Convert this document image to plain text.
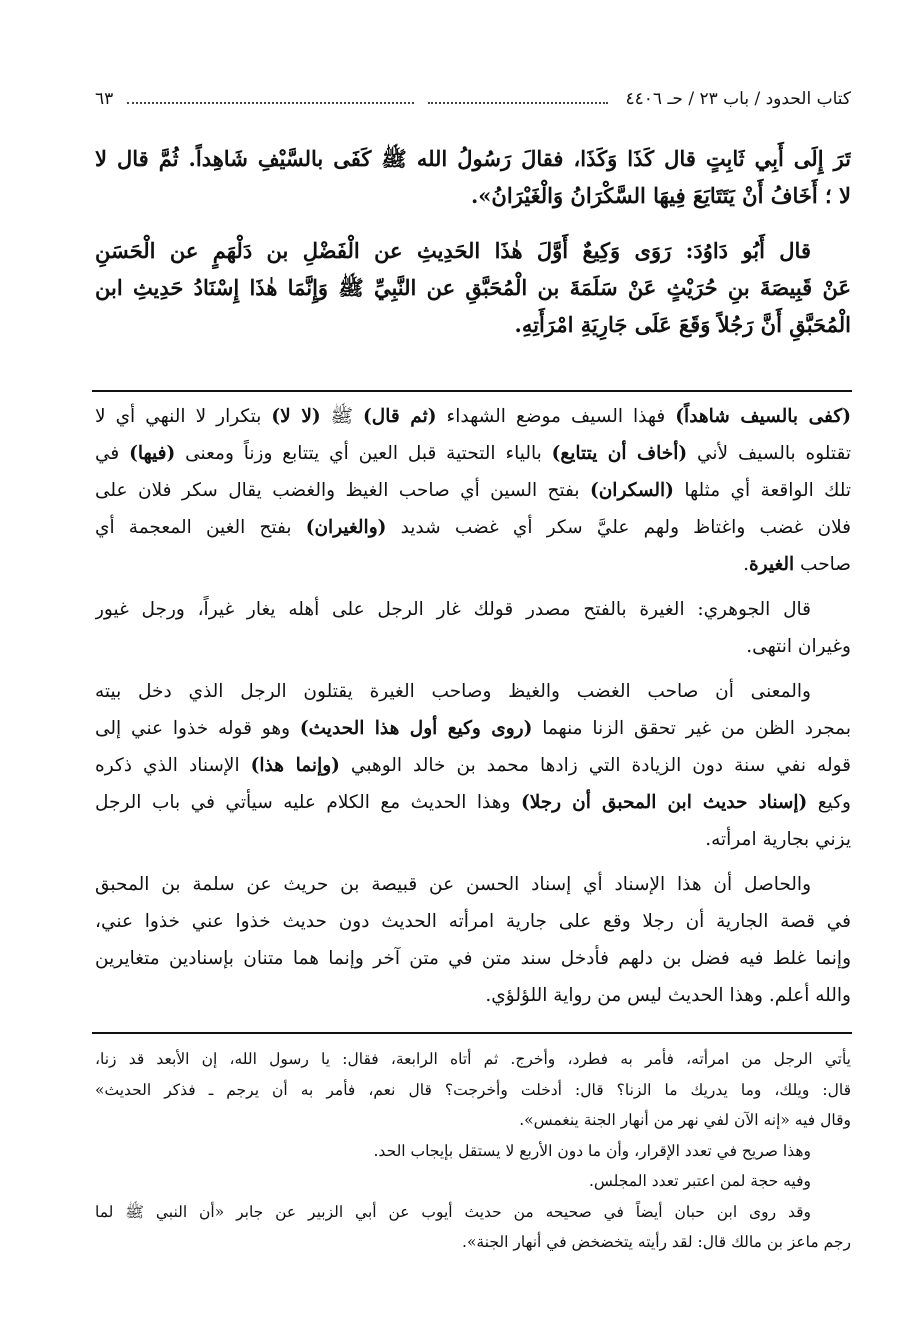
كتاب الحدود / باب ٢٣ / حـ ٤٤٠٦
٦٣
تَرَ إِلَى أَبِي ثَابِتٍ قال كَذَا وَكَذَا، فقالَ رَسُولُ الله ﷺ كَفَى بالسَّيْفِ شَاهِداً. ثُمَّ قال لا
لا ؛ أَخَافُ أَنْ يَتَتَايَعَ فِيهَا السَّكْرَانُ وَالْغَيْرَانُ».
قال أَبُو دَاوُدَ: رَوَى وَكِيعٌ أَوَّلَ هٰذَا الحَدِيثِ عن الْفَضْلِ بن دَلْهَمٍ عن الْحَسَنِ
عَنْ قَبِيصَةَ بنِ حُرَيْثٍ عَنْ سَلَمَةَ بن الْمُحَبَّقِ عن النَّبِيِّ ﷺ وَإِنَّمَا هٰذَا إِسْنَادُ حَدِيثِ ابن
الْمُحَبَّقِ أَنَّ رَجُلاً وَقَعَ عَلَى جَارِيَةِ امْرَأَتِهِ.
(كفى بالسيف شاهداً) فهذا السيف موضع الشهداء (ثم قال) ﷺ (لا لا) بتكرار لا النهي أي لا
تقتلوه بالسيف لأني (أخاف أن يتتايع) بالياء التحتية قبل العين أي يتتابع وزناً ومعنى (فيها) في
تلك الواقعة أي مثلها (السكران) بفتح السين أي صاحب الغيظ والغضب يقال سكر فلان على
فلان غضب واغتاظ ولهم عليَّ سكر أي غضب شديد (والغيران) بفتح الغين المعجمة أي
صاحب الغيرة.
قال الجوهري: الغيرة بالفتح مصدر قولك غار الرجل على أهله يغار غيراً، ورجل غيور
وغيران انتهى.
والمعنى أن صاحب الغضب والغيظ وصاحب الغيرة يقتلون الرجل الذي دخل بيته
بمجرد الظن من غير تحقق الزنا منهما (روى وكيع أول هذا الحديث) وهو قوله خذوا عني إلى
قوله نفي سنة دون الزيادة التي زادها محمد بن خالد الوهبي (وإنما هذا) الإسناد الذي ذكره
وكيع (إسناد حديث ابن المحبق أن رجلا) وهذا الحديث مع الكلام عليه سيأتي في باب الرجل
يزني بجارية امرأته.
والحاصل أن هذا الإسناد أي إسناد الحسن عن قبيصة بن حريث عن سلمة بن المحبق
في قصة الجارية أن رجلا وقع على جارية امرأته الحديث دون حديث خذوا عني خذوا عني،
وإنما غلط فيه فضل بن دلهم فأدخل سند متن في متن آخر وإنما هما متنان بإسنادين متغايرين
والله أعلم. وهذا الحديث ليس من رواية اللؤلؤي.
يأتي الرجل من امرأته، فأمر به فطرد، وأخرج. ثم أتاه الرابعة، فقال: يا رسول الله، إن الأبعد قد زنا،
قال: ويلك، وما يدريك ما الزنا؟ قال: أدخلت وأخرجت؟ قال نعم، فأمر به أن يرجم ـ فذكر الحديث»
وقال فيه «إنه الآن لفي نهر من أنهار الجنة ينغمس».
وهذا صريح في تعدد الإقرار، وأن ما دون الأربع لا يستقل بإيجاب الحد.
وفيه حجة لمن اعتبر تعدد المجلس.
وقد روى ابن حبان أيضاً في صحيحه من حديث أيوب عن أبي الزبير عن جابر «أن النبي ﷺ لما
رجم ماعز بن مالك قال: لقد رأيته يتخضخض في أنهار الجنة».
